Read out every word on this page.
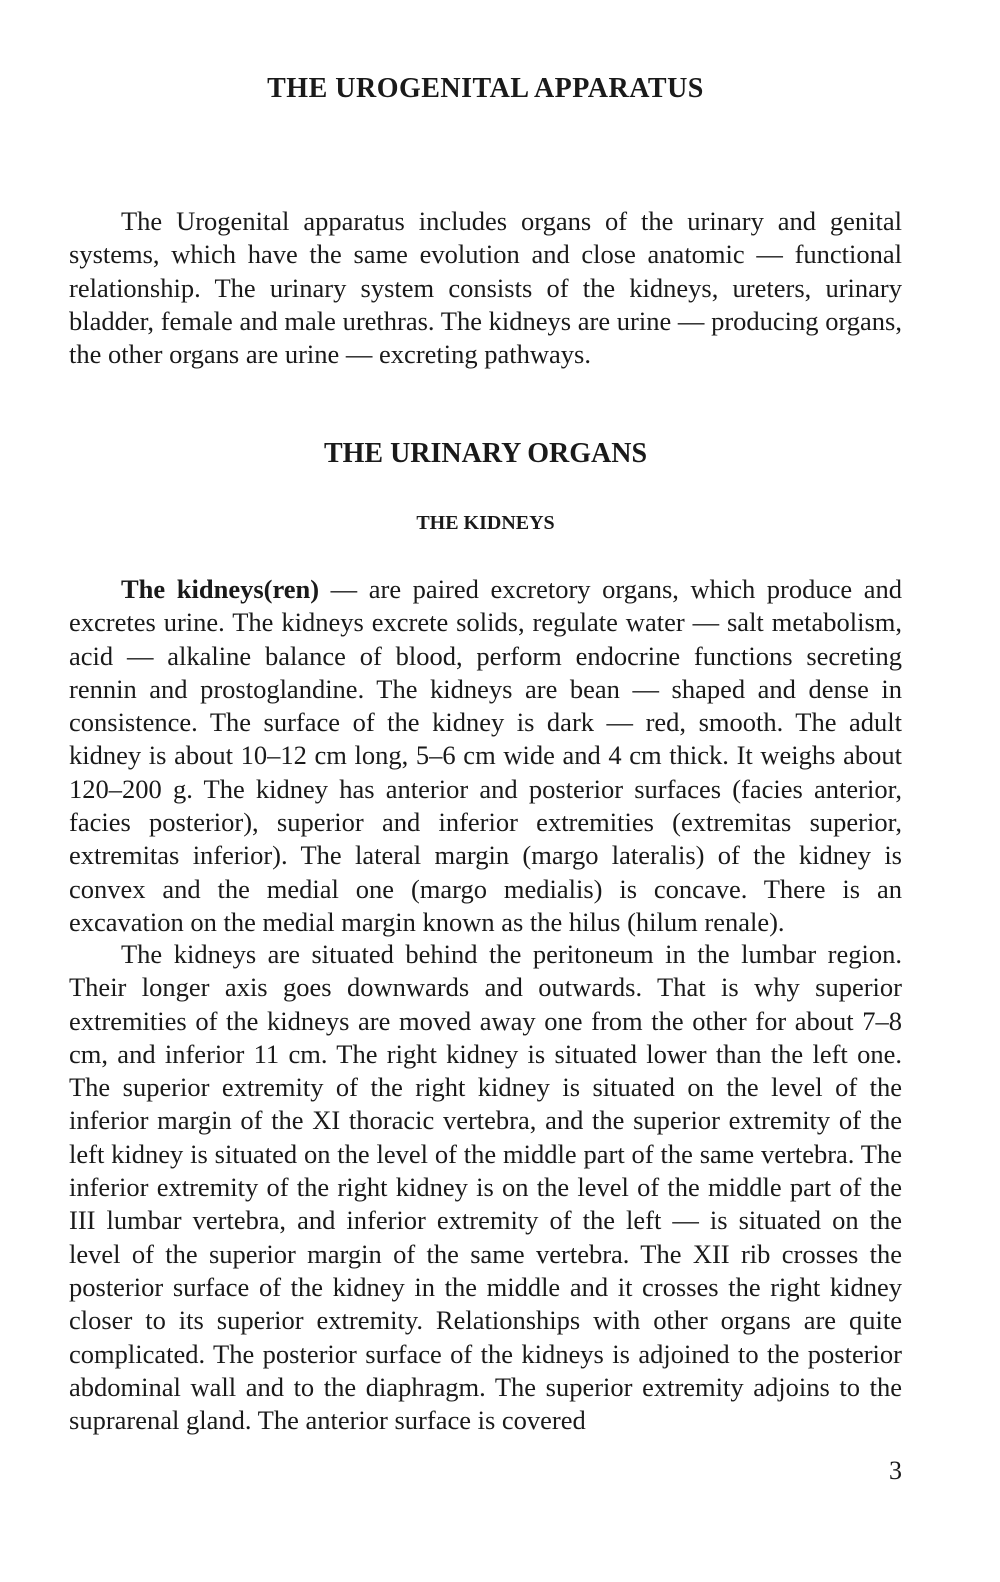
THE UROGENITAL APPARATUS

The Urogenital apparatus includes organs of the urinary and genital systems, which have the same evolution and close anatomic — functional relationship. The urinary system consists of the kidneys, ureters, urinary bladder, female and male urethras. The kidneys are urine — producing organs, the other organs are urine — excreting pathways.

THE URINARY ORGANS
THE KIDNEYS

The kidneys(ren) — are paired excretory organs, which produce and excretes urine. The kidneys excrete solids, regulate water — salt metabolism, acid — alkaline balance of blood, perform endocrine functions secreting rennin and prostoglandine. The kidneys are bean — shaped and dense in consistence. The surface of the kidney is dark — red, smooth. The adult kidney is about 10–12 cm long, 5–6 cm wide and 4 cm thick. It weighs about 120–200 g. The kidney has anterior and posterior surfaces (facies anterior, facies posterior), superior and inferior extremities (extremitas superior, extremitas inferior). The lateral margin (margo lateralis) of the kidney is convex and the medial one (margo medialis) is concave. There is an excavation on the medial margin known as the hilus (hilum renale).

The kidneys are situated behind the peritoneum in the lumbar region. Their longer axis goes downwards and outwards. That is why superior extremities of the kidneys are moved away one from the other for about 7–8 cm, and inferior 11 cm. The right kidney is situated lower than the left one. The superior extremity of the right kidney is situated on the level of the inferior margin of the XI thoracic vertebra, and the superior extremity of the left kidney is situated on the level of the middle part of the same vertebra. The inferior extremity of the right kidney is on the level of the middle part of the III lumbar vertebra, and inferior extremity of the left — is situated on the level of the superior margin of the same vertebra. The XII rib crosses the posterior surface of the kidney in the middle and it crosses the right kidney closer to its superior extremity. Relationships with other organs are quite complicated. The posterior surface of the kidneys is adjoined to the posterior abdominal wall and to the diaphragm. The superior extremity adjoins to the suprarenal gland. The anterior surface is covered

3
